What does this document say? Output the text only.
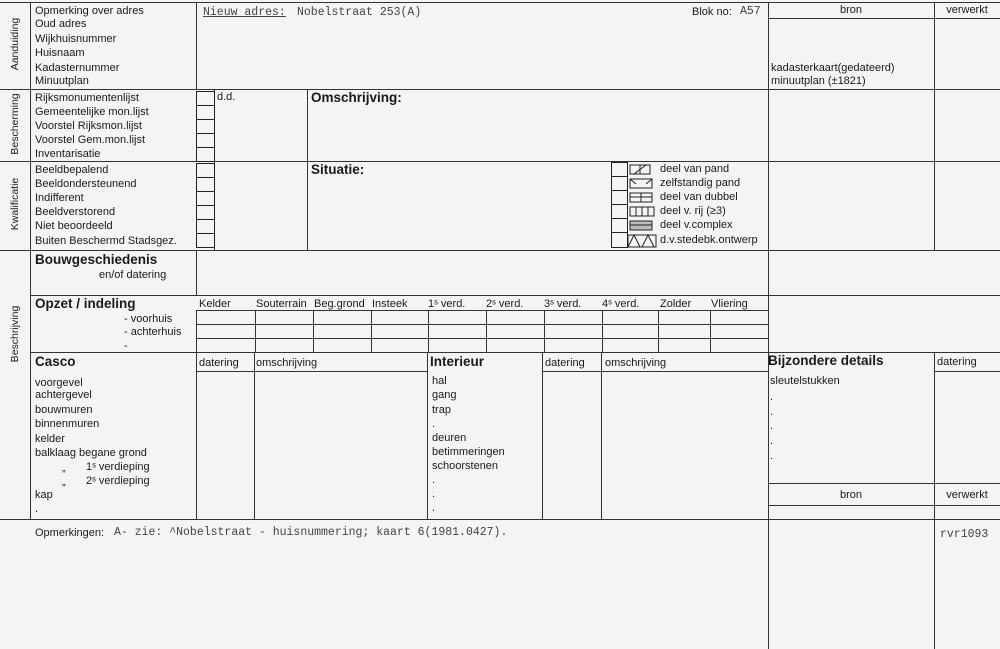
Aanduiding
Bescherming
Kwalificatie
Beschrijving
Opmerking over adres
Oud adres
Wijkhuisnummer
Huisnaam
Kadasternummer
Minuutplan
Nieuw adres: Nobelstraat 253(A)	Blok no: A57	bron	verwerkt
kadasterkaart(gedateerd)
minuutplan (±1821)
Rijksmonumentenlijst
Gemeentelijke mon.lijst
Voorstel Rijksmon.lijst
Voorstel Gem.mon.lijst
Inventarisatie
d.d.	Omschrijving:
Beeldbepalend
Beeldondersteunend
Indifferent
Beeldverstorend
Niet beoordeeld
Buiten Beschermd Stadsgez.
Situatie:	deel van pand
zelfstandig pand
deel van dubbel
deel v. rij (≥3)
deel v.complex
d.v.stedebk.ontwerp
Bouwgeschiedenis
en/of datering
Opzet / indeling
- voorhuis
- achterhuis
-
Kelder Souterrain Beg.grond Insteek 1ˢ verd. 2ˢ verd. 3ˢ verd. 4ˢ verd. Zolder Vliering
Casco	datering omschrijving
voorgevel
achtergevel
bouwmuren
binnenmuren
kelder
balklaag begane grond
„ 1ˢ verdieping
„ 2ˢ verdieping
kap
.
Interieur	datering omschrijving
hal
gang
trap
.
deuren
betimmeringen
schoorstenen
.
.
.
Bijzondere details	datering
sleutelstukken
.
.
.
.
.
bron	verwerkt
Opmerkingen: A- zie: ^Nobelstraat - huisnummering; kaart 6(1981.0427).	rvr1093
